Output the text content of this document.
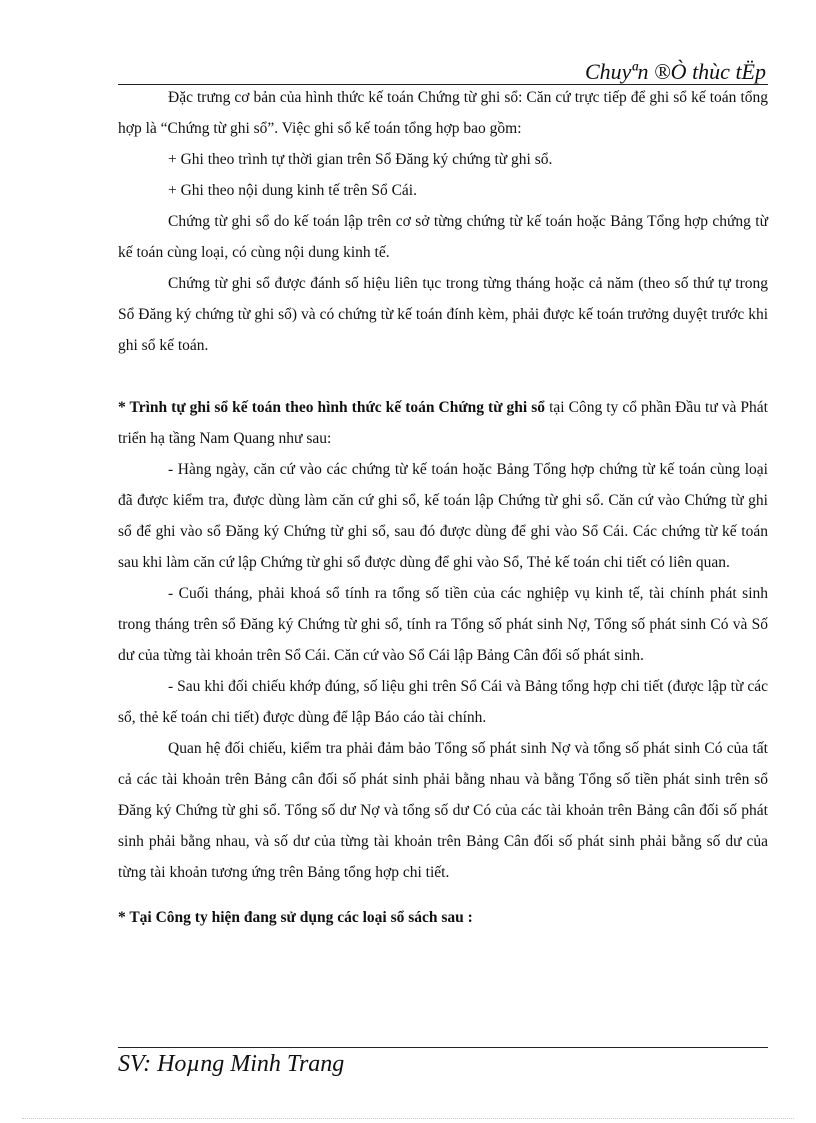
Chuyªn ®Ò thùc tËp

Đặc trưng cơ bản của hình thức kế toán Chứng từ ghi sổ: Căn cứ trực tiếp để ghi sổ kế toán tổng hợp là “Chứng từ ghi sổ”. Việc ghi sổ kế toán tổng hợp bao gồm:

+ Ghi theo trình tự thời gian trên Sổ Đăng ký chứng từ ghi sổ.

+ Ghi theo nội dung kinh tế trên Sổ Cái.

Chứng từ ghi sổ do kế toán lập trên cơ sở từng chứng từ kế toán hoặc Bảng Tổng hợp chứng từ kế toán cùng loại, có cùng nội dung kinh tế.

Chứng từ ghi sổ được đánh số hiệu liên tục trong từng tháng hoặc cả năm (theo số thứ tự trong Sổ Đăng ký chứng từ ghi sổ) và có chứng từ kế toán đính kèm, phải được kế toán trưởng duyệt trước khi ghi sổ kế toán.

* Trình tự ghi sổ kế toán theo hình thức kế toán Chứng từ ghi sổ tại Công ty cổ phần Đầu tư và Phát triển hạ tầng Nam Quang như sau:

- Hàng ngày, căn cứ vào các chứng từ kế toán hoặc Bảng Tổng hợp chứng từ kế toán cùng loại đã được kiểm tra, được dùng làm căn cứ ghi sổ, kế toán lập Chứng từ ghi sổ. Căn cứ vào Chứng từ ghi sổ để ghi vào sổ Đăng ký Chứng từ ghi sổ, sau đó được dùng để ghi vào Sổ Cái. Các chứng từ kế toán sau khi làm căn cứ lập Chứng từ ghi sổ được dùng để ghi vào Sổ, Thẻ kế toán chi tiết có liên quan.

- Cuối tháng, phải khoá sổ tính ra tổng số tiền của các nghiệp vụ kinh tế, tài chính phát sinh trong tháng trên sổ Đăng ký Chứng từ ghi sổ, tính ra Tổng số phát sinh Nợ, Tổng số phát sinh Có và Số dư của từng tài khoản trên Sổ Cái. Căn cứ vào Sổ Cái lập Bảng Cân đối số phát sinh.

- Sau khi đối chiếu khớp đúng, số liệu ghi trên Sổ Cái và Bảng tổng hợp chi tiết (được lập từ các sổ, thẻ kế toán chi tiết) được dùng để lập Báo cáo tài chính.

Quan hệ đối chiếu, kiểm tra phải đảm bảo Tổng số phát sinh Nợ và tổng số phát sinh Có của tất cả các tài khoản trên Bảng cân đối số phát sinh phải bằng nhau và bằng Tổng số tiền phát sinh trên sổ Đăng ký Chứng từ ghi sổ. Tổng số dư Nợ và tổng số dư Có của các tài khoản trên Bảng cân đối số phát sinh phải bằng nhau, và số dư của từng tài khoản trên Bảng Cân đối số phát sinh phải bằng số dư của từng tài khoản tương ứng trên Bảng tổng hợp chi tiết.

* Tại Công ty hiện đang sử dụng các loại sổ sách sau :

SV: Hoµng Minh Trang
